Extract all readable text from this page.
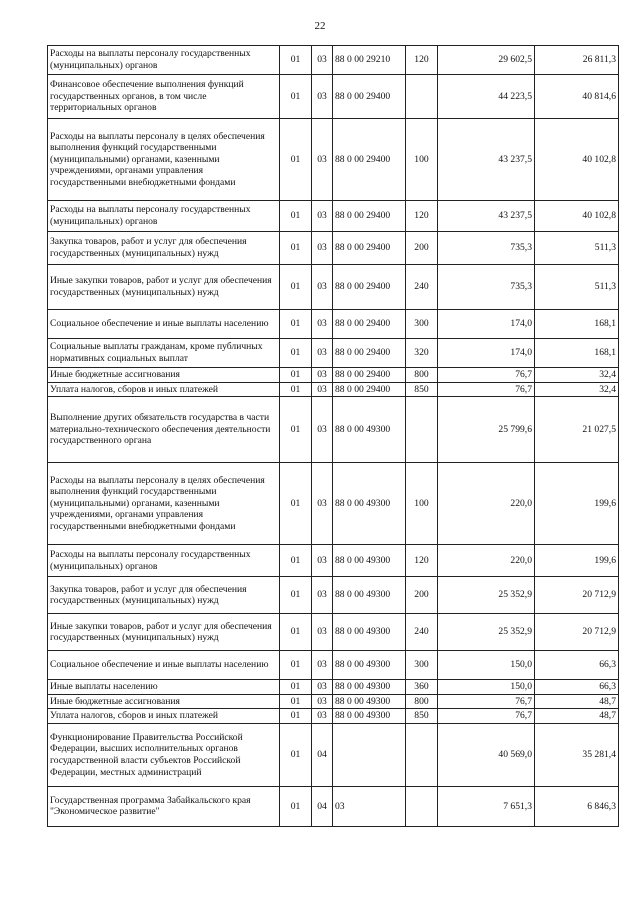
22
Расходы на выплаты персоналу государственных (муниципальных) органов	01	03	88 0 00 29210	120	29 602,5	26 811,3
Финансовое обеспечение выполнения функций государственных органов, в том числе территориальных органов	01	03	88 0 00 29400		44 223,5	40 814,6
Расходы на выплаты персоналу в целях обеспечения выполнения функций государственными (муниципальными) органами, казенными учреждениями, органами управления государственными внебюджетными фондами	01	03	88 0 00 29400	100	43 237,5	40 102,8
Расходы на выплаты персоналу государственных (муниципальных) органов	01	03	88 0 00 29400	120	43 237,5	40 102,8
Закупка товаров, работ и услуг для обеспечения государственных (муниципальных) нужд	01	03	88 0 00 29400	200	735,3	511,3
Иные закупки товаров, работ и услуг для обеспечения государственных (муниципальных) нужд	01	03	88 0 00 29400	240	735,3	511,3
Социальное обеспечение и иные выплаты населению	01	03	88 0 00 29400	300	174,0	168,1
Социальные выплаты гражданам, кроме публичных нормативных социальных выплат	01	03	88 0 00 29400	320	174,0	168,1
Иные бюджетные ассигнования	01	03	88 0 00 29400	800	76,7	32,4
Уплата налогов, сборов и иных платежей	01	03	88 0 00 29400	850	76,7	32,4
Выполнение других обязательств государства в части материально-технического обеспечения деятельности государственного органа	01	03	88 0 00 49300		25 799,6	21 027,5
Расходы на выплаты персоналу в целях обеспечения выполнения функций государственными (муниципальными) органами, казенными учреждениями, органами управления государственными внебюджетными фондами	01	03	88 0 00 49300	100	220,0	199,6
Расходы на выплаты персоналу государственных (муниципальных) органов	01	03	88 0 00 49300	120	220,0	199,6
Закупка товаров, работ и услуг для обеспечения государственных (муниципальных) нужд	01	03	88 0 00 49300	200	25 352,9	20 712,9
Иные закупки товаров, работ и услуг для обеспечения государственных (муниципальных) нужд	01	03	88 0 00 49300	240	25 352,9	20 712,9
Социальное обеспечение и иные выплаты населению	01	03	88 0 00 49300	300	150,0	66,3
Иные выплаты населению	01	03	88 0 00 49300	360	150,0	66,3
Иные бюджетные ассигнования	01	03	88 0 00 49300	800	76,7	48,7
Уплата налогов, сборов и иных платежей	01	03	88 0 00 49300	850	76,7	48,7
Функционирование Правительства Российской Федерации, высших исполнительных органов государственной власти субъектов Российской Федерации, местных администраций	01	04			40 569,0	35 281,4
Государственная программа Забайкальского края "Экономическое развитие"	01	04	03		7 651,3	6 846,3
